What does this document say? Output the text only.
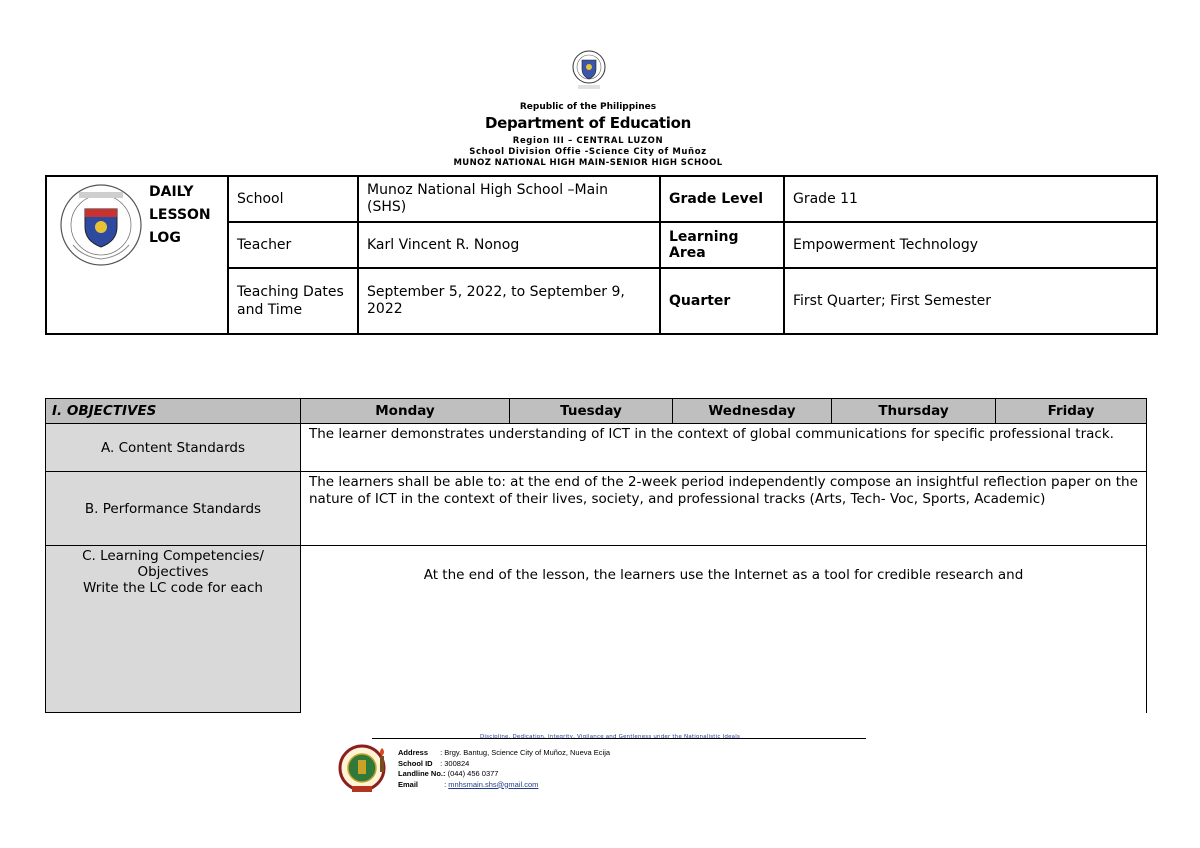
Republic of the Philippines
Department of Education
Region III – CENTRAL LUZON
School Division Offie -Science City of Muñoz
MUNOZ NATIONAL HIGH MAIN-SENIOR HIGH SCHOOL
DAILY
LESSON
LOG	School	Munoz National High School –Main (SHS)	Grade Level	Grade 11
	Teacher	Karl Vincent R. Nonog	Learning Area	Empowerment Technology
	Teaching Dates and Time	September 5, 2022, to September 9, 2022	Quarter	First Quarter; First Semester
I. OBJECTIVES	Monday	Tuesday	Wednesday	Thursday	Friday
A. Content Standards	The learner demonstrates understanding of ICT in the context of global communications for specific professional track.				
B. Performance Standards	The learners shall be able to: at the end of the 2-week period independently compose an insightful reflection paper on the nature of ICT in the context of their lives, society, and professional tracks (Arts, Tech- Voc, Sports, Academic)				

C. Learning Competencies/ Objectives
Write the LC code for each	At the end of the lesson, the learners use the Internet as a tool for credible research and				
Discipline, Dedication, Integrity, Vigilance and Gentleness under the Nationalistic Ideals
Address : Brgy. Bantug, Science City of Muñoz, Nueva Ecija
School ID : 300824
Landline No.: (044) 456 0377
Email	: mnhsmain.shs@gmail.com
